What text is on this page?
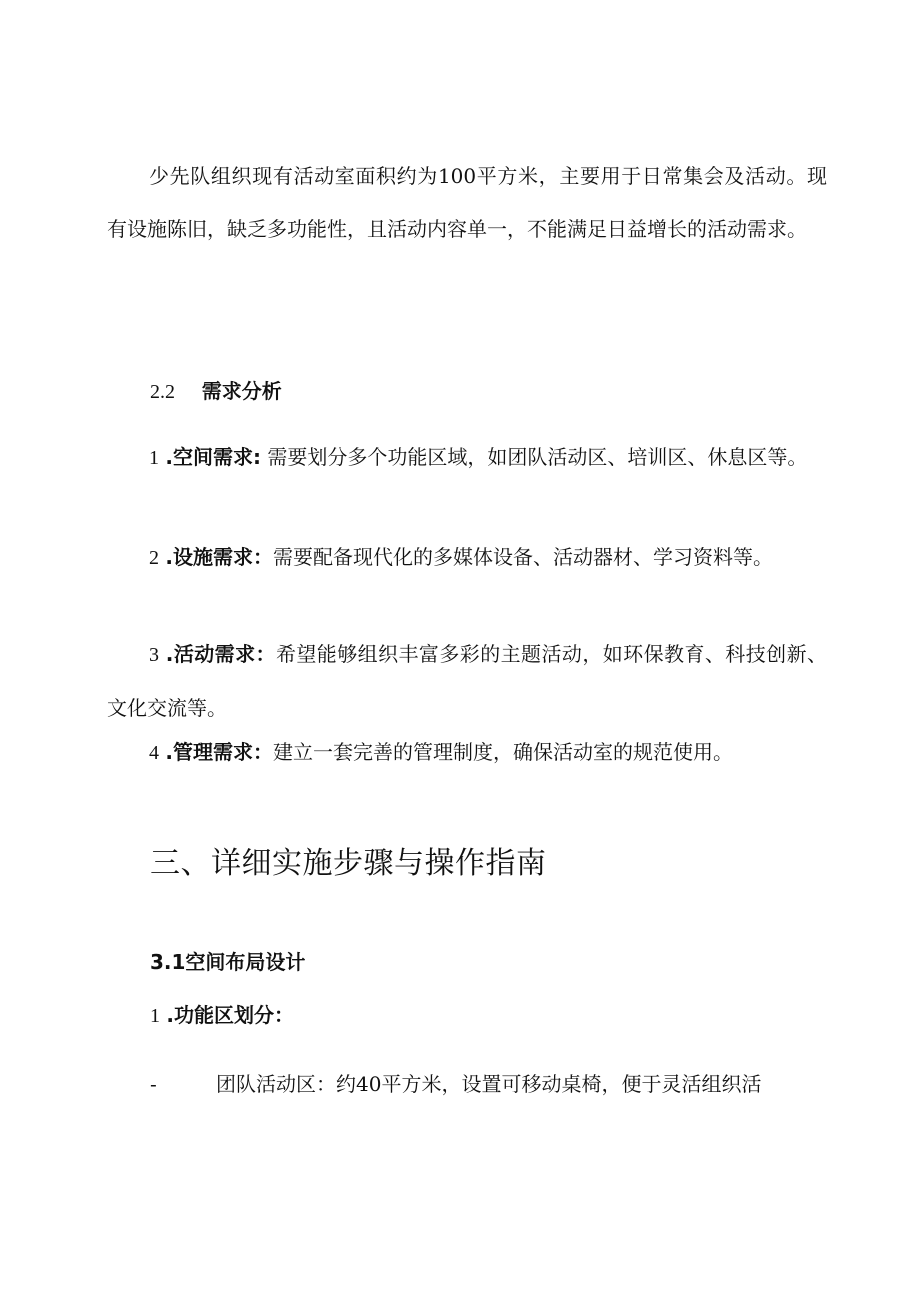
少先队组织现有活动室面积约为100平方米，主要用于日常集会及活动。现有设施陈旧，缺乏多功能性，且活动内容单一，不能满足日益增长的活动需求。

2.2 需求分析

1 .空间需求: 需要划分多个功能区域，如团队活动区、培训区、休息区等。

2 .设施需求：需要配备现代化的多媒体设备、活动器材、学习资料等。

3 .活动需求：希望能够组织丰富多彩的主题活动，如环保教育、科技创新、文化交流等。

4 .管理需求：建立一套完善的管理制度，确保活动室的规范使用。

三、详细实施步骤与操作指南
3.1空间布局设计
1 .功能区划分：
-	团队活动区：约40平方米，设置可移动桌椅，便于灵活组织活
